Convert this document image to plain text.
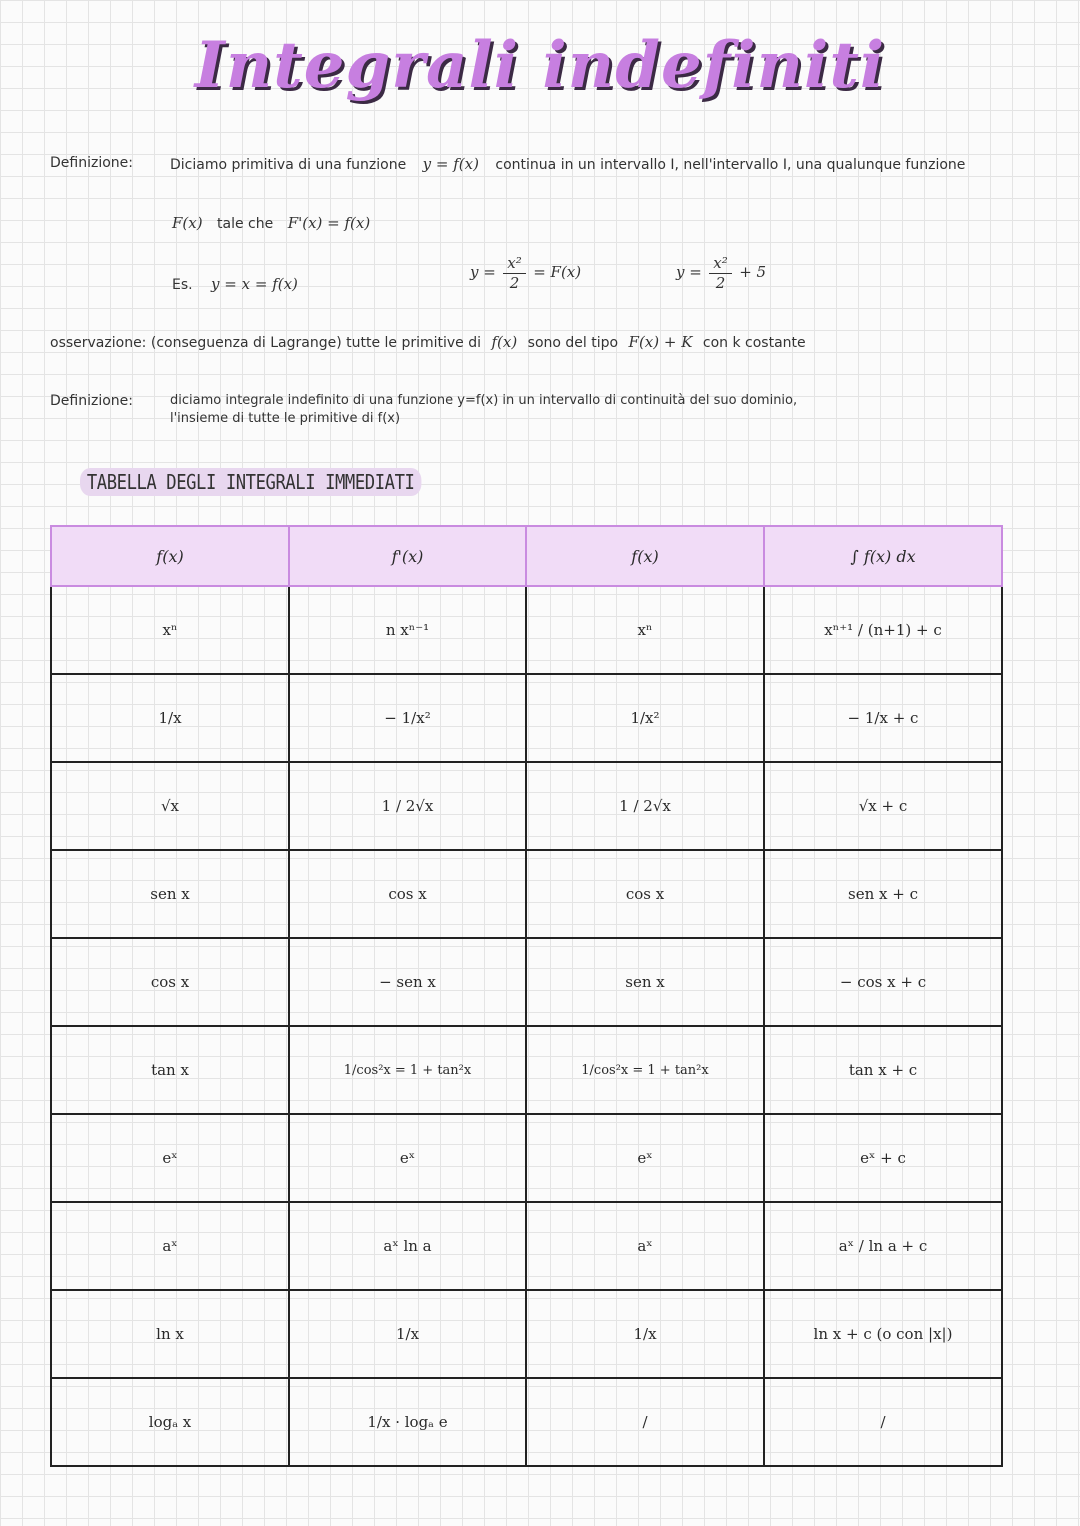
Integrali indefiniti
Definizione:	Diciamo primitiva di una funzione y = f(x) continua in un intervallo I, nell'intervallo I, una qualunque funzione
F(x) tale che F'(x) = f(x)
Es. y = x = f(x)
$y = \frac{\text{x²}}{2} = F(x)$	$y = \frac{\text{x²}}{2} + 5$
osservazione: (conseguenza di Lagrange) tutte le primitive di f(x) sono del tipo F(x) + K con k costante
Definizione:	diciamo integrale indefinito di una funzione y=f(x) in un intervallo di continuità del suo dominio,
l'insieme di tutte le primitive di f(x)
TABELLA DEGLI INTEGRALI IMMEDIATI
f(x)	f'(x)	f(x)	∫ f(x) dx
xⁿ	n xⁿ⁻¹	xⁿ	xⁿ⁺¹ / (n+1) + c
1/x	− 1/x²	1/x²	− 1/x + c
√x	1 / 2√x	1 / 2√x	√x + c
sen x	cos x	cos x	sen x + c
cos x	− sen x	sen x	− cos x + c
tan x	1/cos²x = 1 + tan²x	1/cos²x = 1 + tan²x	tan x + c
eˣ	eˣ	eˣ	eˣ + c
aˣ	aˣ ln a	aˣ	aˣ / ln a + c
ln x	1/x	1/x	ln x + c (o con |x|)
logₐ x	1/x · logₐ e	/	/
